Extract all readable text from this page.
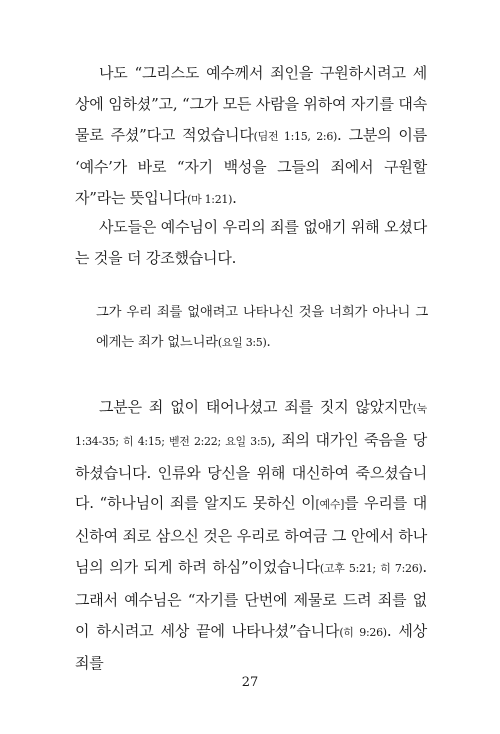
나도 “그리스도 예수께서 죄인을 구원하시려고 세상에 임하셨”고, “그가 모든 사람을 위하여 자기를 대속물로 주셨”다고 적었습니다(딤전 1:15, 2:6). 그분의 이름 ‘예수’가 바로 “자기 백성을 그들의 죄에서 구원할 자”라는 뜻입니다(마 1:21).

사도들은 예수님이 우리의 죄를 없애기 위해 오셨다는 것을 더 강조했습니다.

그가 우리 죄를 없애려고 나타나신 것을 너희가 아나니 그에게는 죄가 없느니라(요일 3:5).

그분은 죄 없이 태어나셨고 죄를 짓지 않았지만(눅 1:34-35; 히 4:15; 벧전 2:22; 요일 3:5), 죄의 대가인 죽음을 당하셨습니다. 인류와 당신을 위해 대신하여 죽으셨습니다. “하나님이 죄를 알지도 못하신 이[예수]를 우리를 대신하여 죄로 삼으신 것은 우리로 하여금 그 안에서 하나님의 의가 되게 하려 하심”이었습니다(고후 5:21; 히 7:26). 그래서 예수님은 “자기를 단번에 제물로 드려 죄를 없이 하시려고 세상 끝에 나타나셨”습니다(히 9:26). 세상 죄를

27
